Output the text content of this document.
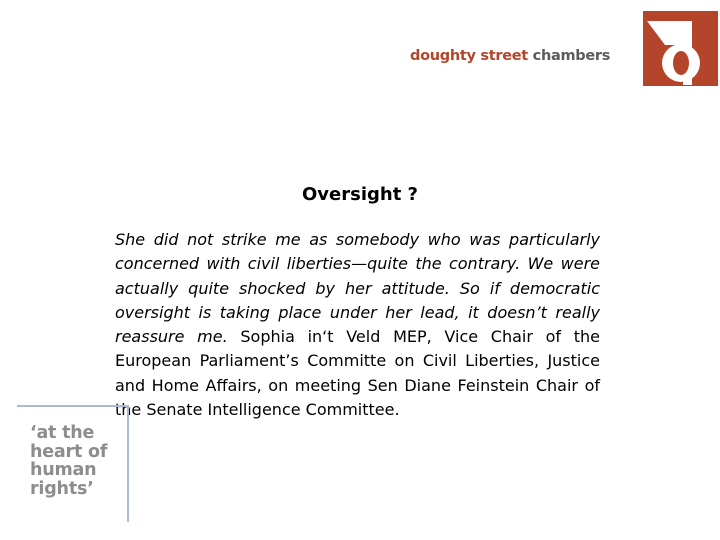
doughty street chambers
Oversight ?

She did not strike me as somebody who was particularly concerned with civil liberties—quite the contrary. We were actually quite shocked by her attitude. So if democratic oversight is taking place under her lead, it doesn’t really reassure me. Sophia in‘t Veld MEP, Vice Chair of the European Parliament’s Committe on Civil Liberties, Justice and Home Affairs, on meeting Sen Diane Feinstein Chair of the Senate Intelligence Committee.

‘at the
heart of
human
rights’
